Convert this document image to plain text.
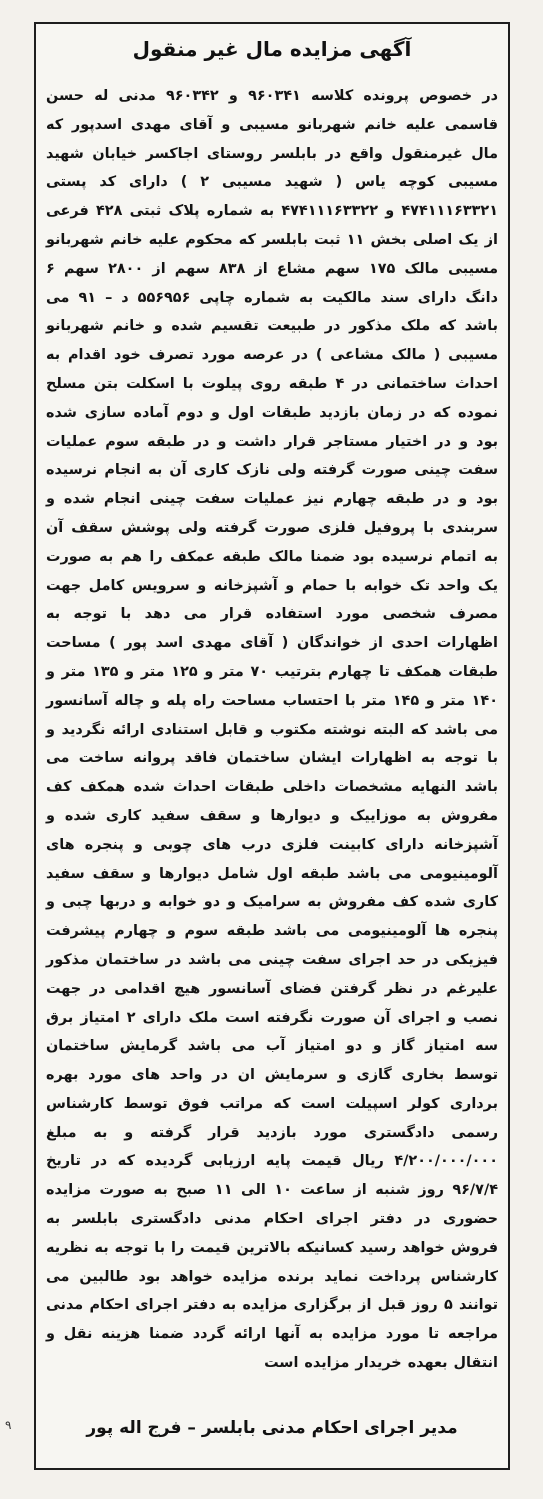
آگهی مزایده مال غیر منقول

در خصوص پرونده کلاسه ۹۶۰۳۴۱ و ۹۶۰۳۴۲ مدنی له حسن قاسمی علیه خانم شهربانو مسیبی و آقای مهدی اسدپور که مال غیرمنقول واقع در بابلسر روستای اجاکسر خیابان شهید مسیبی کوچه یاس ( شهید مسیبی ۲ ) دارای کد پستی ۴۷۴۱۱۱۶۳۳۲۱ و ۴۷۴۱۱۱۶۳۳۲۲ به شماره پلاک ثبتی ۴۲۸ فرعی از یک اصلی بخش ۱۱ ثبت بابلسر که محکوم علیه خانم شهربانو مسیبی مالک ۱۷۵ سهم مشاع از ۸۳۸ سهم از ۲۸۰۰ سهم ۶ دانگ دارای سند مالکیت به شماره چاپی ۵۵۶۹۵۶ د – ۹۱ می باشد که ملک مذکور در طبیعت تقسیم شده و خانم شهربانو مسیبی ( مالک مشاعی ) در عرصه مورد تصرف خود اقدام به احداث ساختمانی در ۴ طبقه روی پیلوت با اسکلت بتن مسلح نموده که در زمان بازدید طبقات اول و دوم آماده سازی شده بود و در اختیار مستاجر قرار داشت و در طبقه سوم عملیات سفت چینی صورت گرفته ولی نازک کاری آن به انجام نرسیده بود و در طبقه چهارم نیز عملیات سفت چینی انجام شده و سربندی با پروفیل فلزی صورت گرفته ولی پوشش سقف آن به اتمام نرسیده بود ضمنا مالک طبقه عمکف را هم به صورت یک واحد تک خوابه با حمام و آشپزخانه و سرویس کامل جهت مصرف شخصی مورد استفاده قرار می دهد با توجه به اظهارات احدی از خواندگان ( آقای مهدی اسد پور ) مساحت طبقات همکف تا چهارم بترتیب ۷۰ متر و ۱۲۵ متر و ۱۳۵ متر و ۱۴۰ متر و ۱۴۵ متر با احتساب مساحت راه پله و چاله آسانسور می باشد که البته نوشته مکتوب و قابل استنادی ارائه نگردید و با توجه به اظهارات ایشان ساختمان فاقد پروانه ساخت می باشد النهایه مشخصات داخلی طبقات احداث شده همکف کف مفروش به موزاییک و دیوارها و سقف سفید کاری شده و آشپزخانه دارای کابینت فلزی درب های چوبی و پنجره های آلومینیومی می باشد طبقه اول شامل دیوارها و سقف سفید کاری شده کف مفروش به سرامیک و دو خوابه و دربها چبی و پنجره ها آلومینیومی می باشد طبقه سوم و چهارم پیشرفت فیزیکی در حد اجرای سفت چینی می باشد در ساختمان مذکور علیرغم در نظر گرفتن فضای آسانسور هیچ اقدامی در جهت نصب و اجرای آن صورت نگرفته است ملک دارای ۲ امتیاز برق سه امتیاز گاز و دو امتیاز آب می باشد گرمایش ساختمان توسط بخاری گازی و سرمایش ان در واحد های مورد بهره برداری کولر اسپیلت است که مراتب فوق توسط کارشناس رسمی دادگستری مورد بازدید قرار گرفته و به مبلغ ۴/۲۰۰/۰۰۰/۰۰۰ ریال قیمت پایه ارزیابی گردیده که در تاریخ ۹۶/۷/۴ روز شنبه از ساعت ۱۰ الی ۱۱ صبح به صورت مزایده حضوری در دفتر اجرای احکام مدنی دادگستری بابلسر به فروش خواهد رسید کسانیکه بالاترین قیمت را با توجه به نظریه کارشناس پرداخت نماید برنده مزایده خواهد بود طالبین می توانند ۵ روز قبل از برگزاری مزایده به دفتر اجرای احکام مدنی مراجعه تا مورد مزایده به آنها ارائه گردد ضمنا هزینه نقل و انتقال بعهده خریدار مزایده است

مدیر اجرای احکام مدنی بابلسر – فرج اله پور

۹
